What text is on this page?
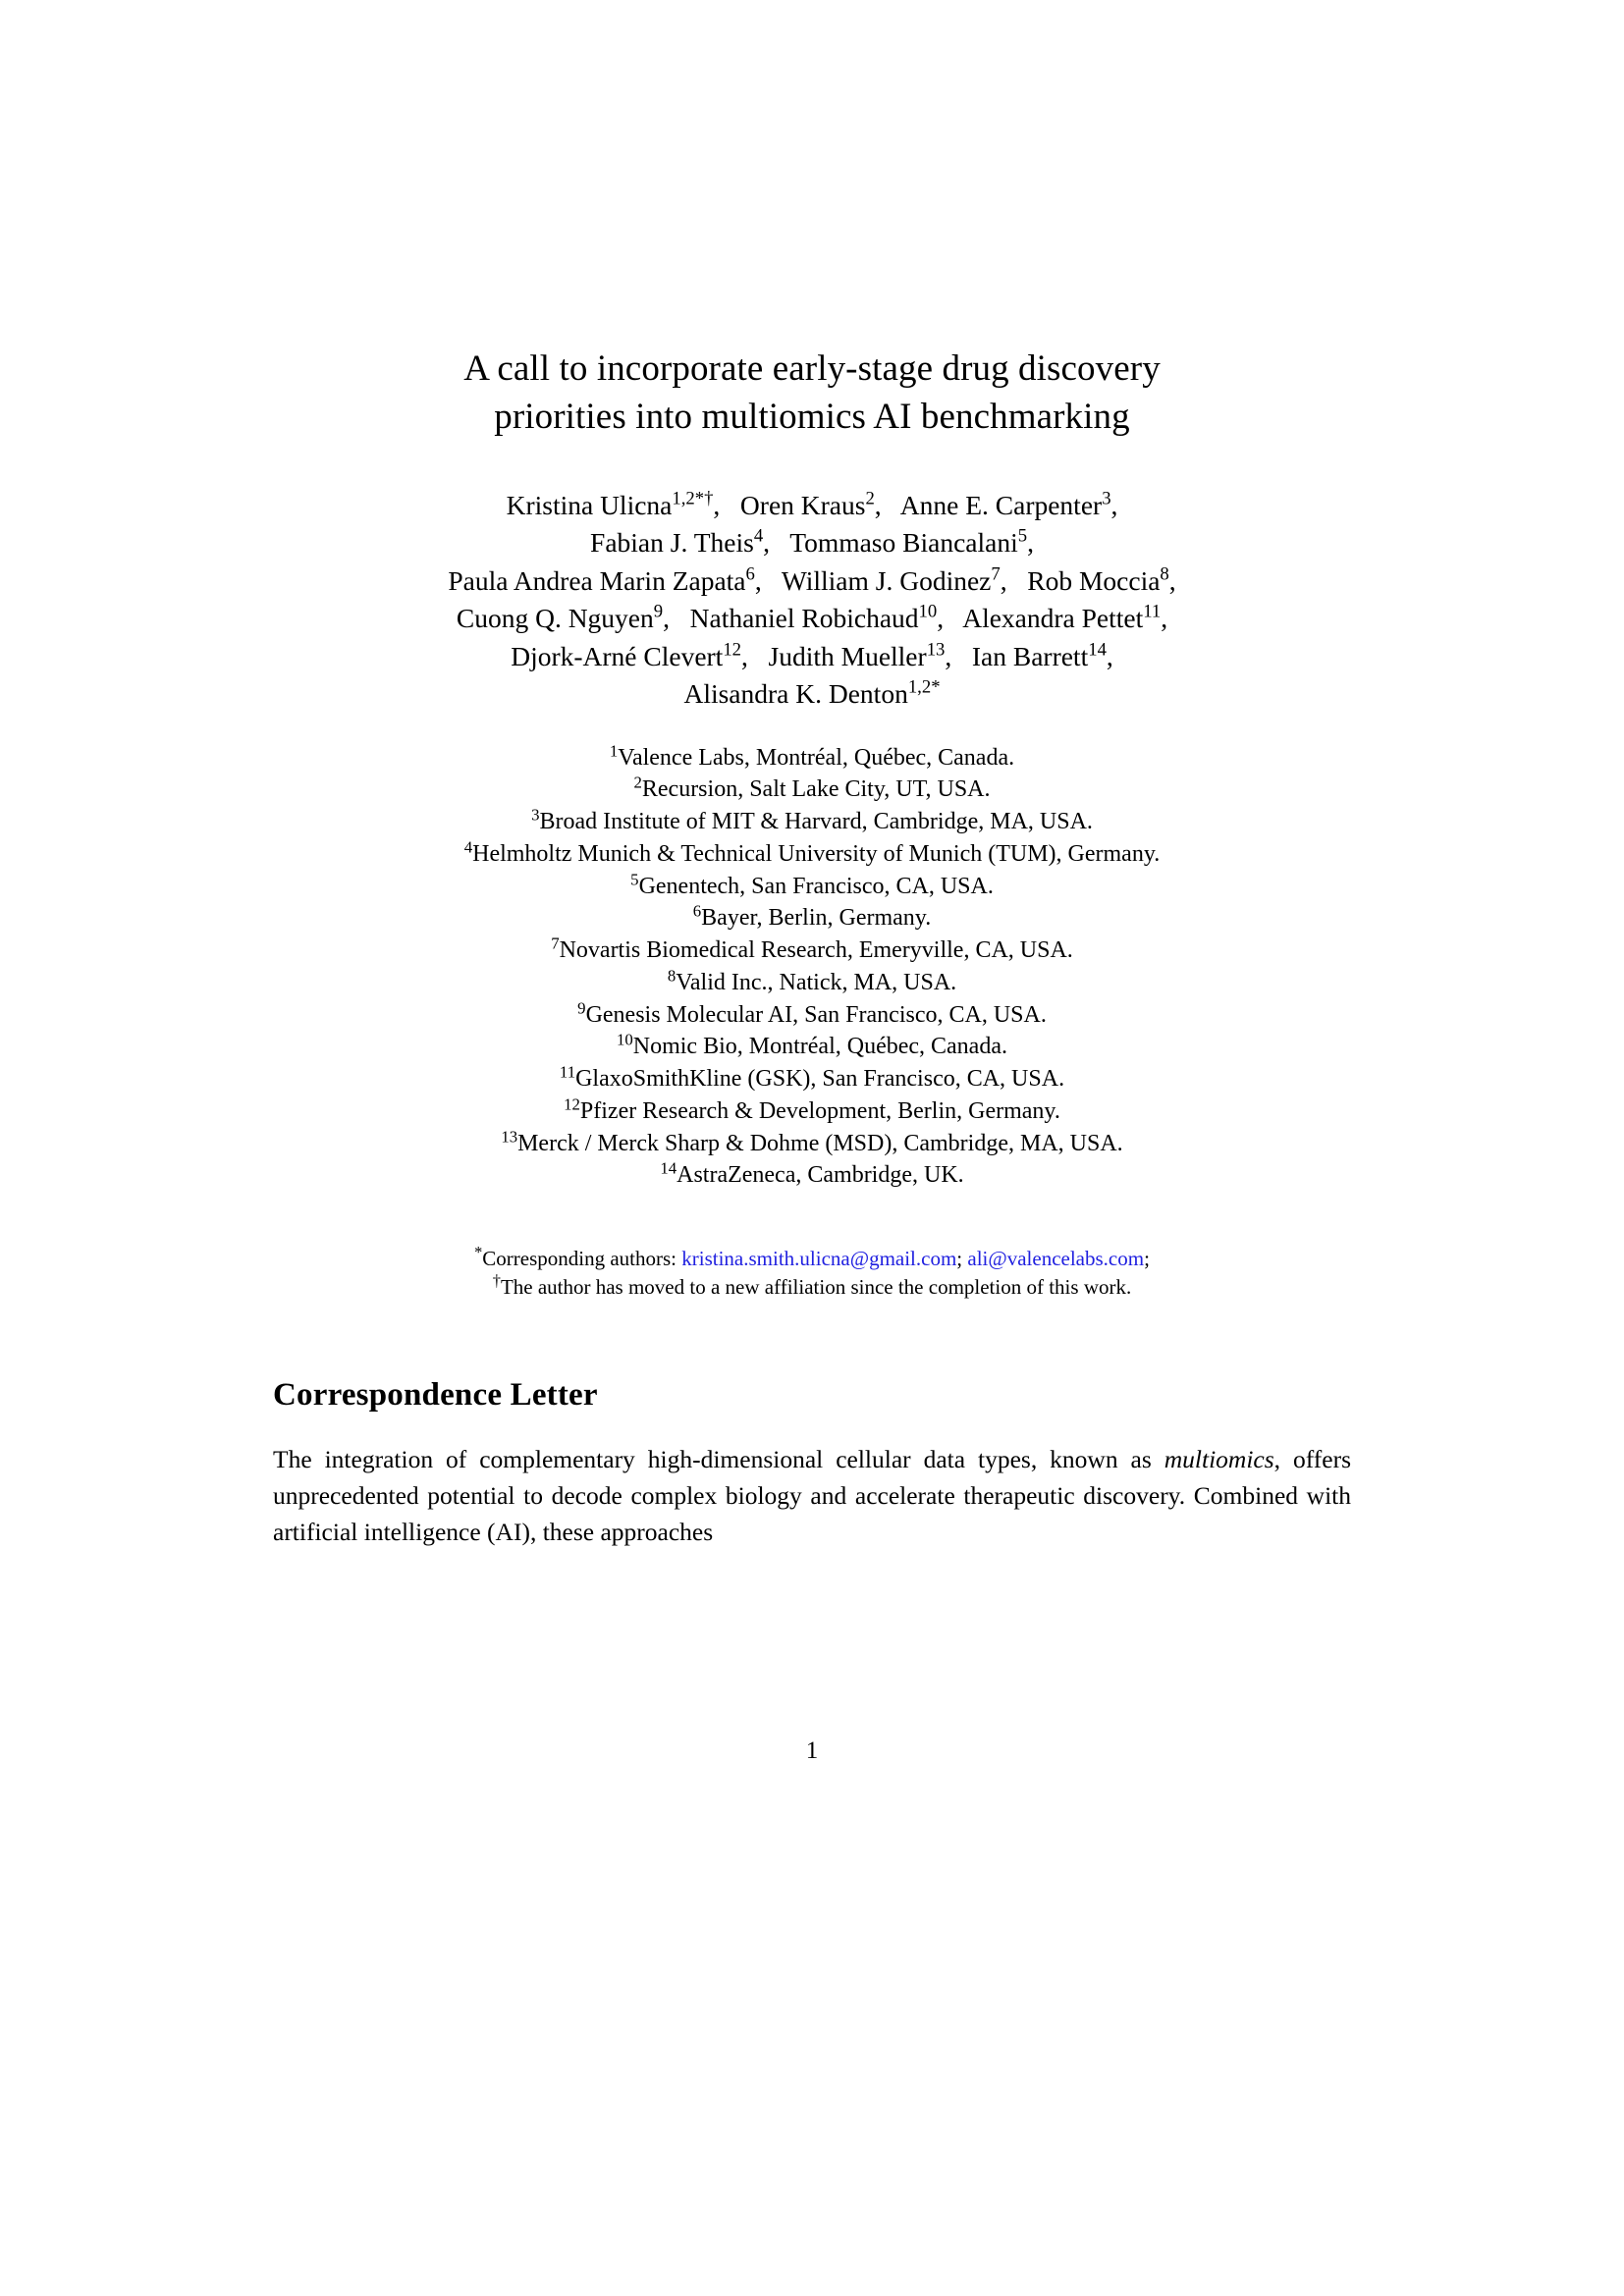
A call to incorporate early-stage drug discovery
priorities into multiomics AI benchmarking
Kristina Ulicna$^{1,2*\dagger}$,  Oren Kraus$^2$,  Anne E. Carpenter$^3$,
Fabian J. Theis$^4$,  Tommaso Biancalani$^5$,
Paula Andrea Marin Zapata$^6$,  William J. Godinez$^7$,  Rob Moccia$^8$,
Cuong Q. Nguyen$^9$,  Nathaniel Robichaud$^{10}$,  Alexandra Pettet$^{11}$,
Djork-Arné Clevert$^{12}$,  Judith Mueller$^{13}$,  Ian Barrett$^{14}$,
Alisandra K. Denton$^{1,2*}$
$^1$Valence Labs, Montréal, Québec, Canada.
$^2$Recursion, Salt Lake City, UT, USA.
$^3$Broad Institute of MIT & Harvard, Cambridge, MA, USA.
$^4$Helmholtz Munich & Technical University of Munich (TUM), Germany.
$^5$Genentech, San Francisco, CA, USA.
$^6$Bayer, Berlin, Germany.
$^7$Novartis Biomedical Research, Emeryville, CA, USA.
$^8$Valid Inc., Natick, MA, USA.
$^9$Genesis Molecular AI, San Francisco, CA, USA.
$^{10}$Nomic Bio, Montréal, Québec, Canada.
$^{11}$GlaxoSmithKline (GSK), San Francisco, CA, USA.
$^{12}$Pfizer Research & Development, Berlin, Germany.
$^{13}$Merck / Merck Sharp & Dohme (MSD), Cambridge, MA, USA.
$^{14}$AstraZeneca, Cambridge, UK.
*Corresponding authors: kristina.smith.ulicna@gmail.com; ali@valencelabs.com;
†The author has moved to a new affiliation since the completion of this work.
Correspondence Letter

The integration of complementary high-dimensional cellular data types, known as multiomics, offers unprecedented potential to decode complex biology and accelerate therapeutic discovery. Combined with artificial intelligence (AI), these approaches

1
